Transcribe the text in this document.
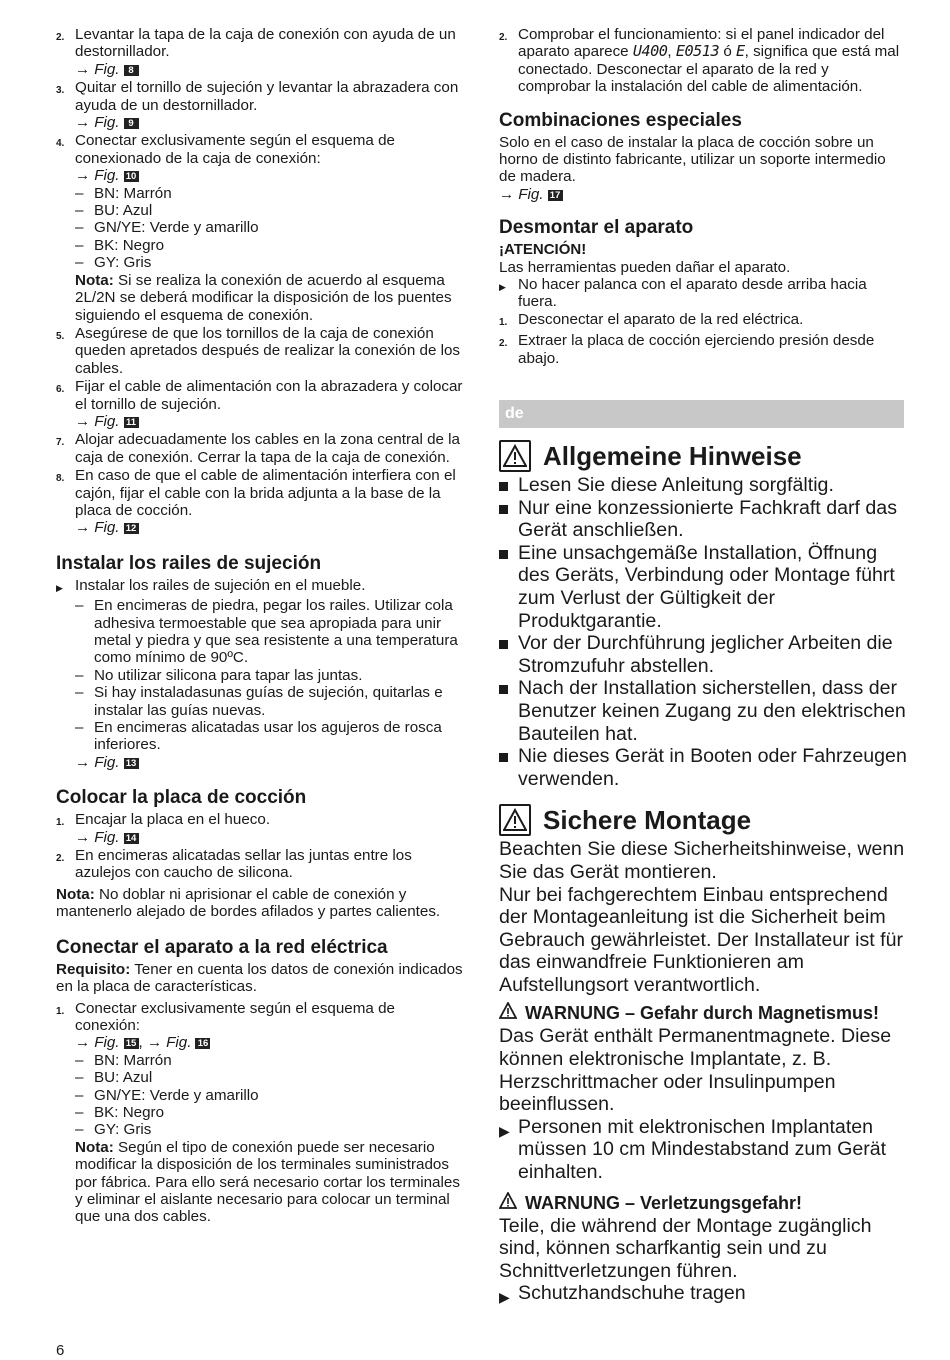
2. Levantar la tapa de la caja de conexión con ayuda de un destornillador.
→ Fig. 8
3. Quitar el tornillo de sujeción y levantar la abrazadera con ayuda de un destornillador.
→ Fig. 9
4. Conectar exclusivamente según el esquema de conexionado de la caja de conexión:
→ Fig. 10
– BN: Marrón
– BU: Azul
– GN/YE: Verde y amarillo
– BK: Negro
– GY: Gris
Nota: Si se realiza la conexión de acuerdo al esquema 2L/2N se deberá modificar la disposición de los puentes siguiendo el esquema de conexión.
5. Asegúrese de que los tornillos de la caja de conexión queden apretados después de realizar la conexión de los cables.
6. Fijar el cable de alimentación con la abrazadera y colocar el tornillo de sujeción.
→ Fig. 11
7. Alojar adecuadamente los cables en la zona central de la caja de conexión. Cerrar la tapa de la caja de conexión.
8. En caso de que el cable de alimentación interfiera con el cajón, fijar el cable con la brida adjunta a la base de la placa de cocción.
→ Fig. 12
Instalar los railes de sujeción
▶ Instalar los railes de sujeción en el mueble.
– En encimeras de piedra, pegar los railes. Utilizar cola adhesiva termoestable que sea apropiada para unir metal y piedra y que sea resistente a una temperatura como mínimo de 90ºC.
– No utilizar silicona para tapar las juntas.
– Si hay instaladasunas guías de sujeción, quitarlas e instalar las guías nuevas.
– En encimeras alicatadas usar los agujeros de rosca inferiores.
→ Fig. 13
Colocar la placa de cocción
1. Encajar la placa en el hueco.
→ Fig. 14
2. En encimeras alicatadas sellar las juntas entre los azulejos con caucho de silicona.
Nota: No doblar ni aprisionar el cable de conexión y mantenerlo alejado de bordes afilados y partes calientes.
Conectar el aparato a la red eléctrica
Requisito: Tener en cuenta los datos de conexión indicados en la placa de características.
1. Conectar exclusivamente según el esquema de conexión:
→ Fig. 15 , → Fig. 16
– BN: Marrón
– BU: Azul
– GN/YE: Verde y amarillo
– BK: Negro
– GY: Gris
Nota: Según el tipo de conexión puede ser necesario modificar la disposición de los terminales suministrados por fábrica. Para ello será necesario cortar los terminales y eliminar el aislante necesario para colocar un terminal que una dos cables.
2. Comprobar el funcionamiento: si el panel indicador del aparato aparece U400, E0513 ó E, significa que está mal conectado. Desconectar el aparato de la red y comprobar la instalación del cable de alimentación.
Combinaciones especiales
Solo en el caso de instalar la placa de cocción sobre un horno de distinto fabricante, utilizar un soporte intermedio de madera.
→ Fig. 17
Desmontar el aparato
¡ATENCIÓN!
Las herramientas pueden dañar el aparato.
▶ No hacer palanca con el aparato desde arriba hacia fuera.
1. Desconectar el aparato de la red eléctrica.
2. Extraer la placa de cocción ejerciendo presión desde abajo.
de
Allgemeine Hinweise
Lesen Sie diese Anleitung sorgfältig.
Nur eine konzessionierte Fachkraft darf das Gerät anschließen.
Eine unsachgemäße Installation, Öffnung des Geräts, Verbindung oder Montage führt zum Verlust der Gültigkeit der Produktgarantie.
Vor der Durchführung jeglicher Arbeiten die Stromzufuhr abstellen.
Nach der Installation sicherstellen, dass der Benutzer keinen Zugang zu den elektrischen Bauteilen hat.
Nie dieses Gerät in Booten oder Fahrzeugen verwenden.
Sichere Montage
Beachten Sie diese Sicherheitshinweise, wenn Sie das Gerät montieren.
Nur bei fachgerechtem Einbau entsprechend der Montageanleitung ist die Sicherheit beim Gebrauch gewährleistet. Der Installateur ist für das einwandfreie Funktionieren am Aufstellungsort verantwortlich.
WARNUNG – Gefahr durch Magnetismus!
Das Gerät enthält Permanentmagnete. Diese können elektronische Implantate, z. B. Herzschrittmacher oder Insulinpumpen beeinflussen.
▶ Personen mit elektronischen Implantaten müssen 10 cm Mindestabstand zum Gerät einhalten.
WARNUNG – Verletzungsgefahr!
Teile, die während der Montage zugänglich sind, können scharfkantig sein und zu Schnittverletzungen führen.
▶ Schutzhandschuhe tragen
6
